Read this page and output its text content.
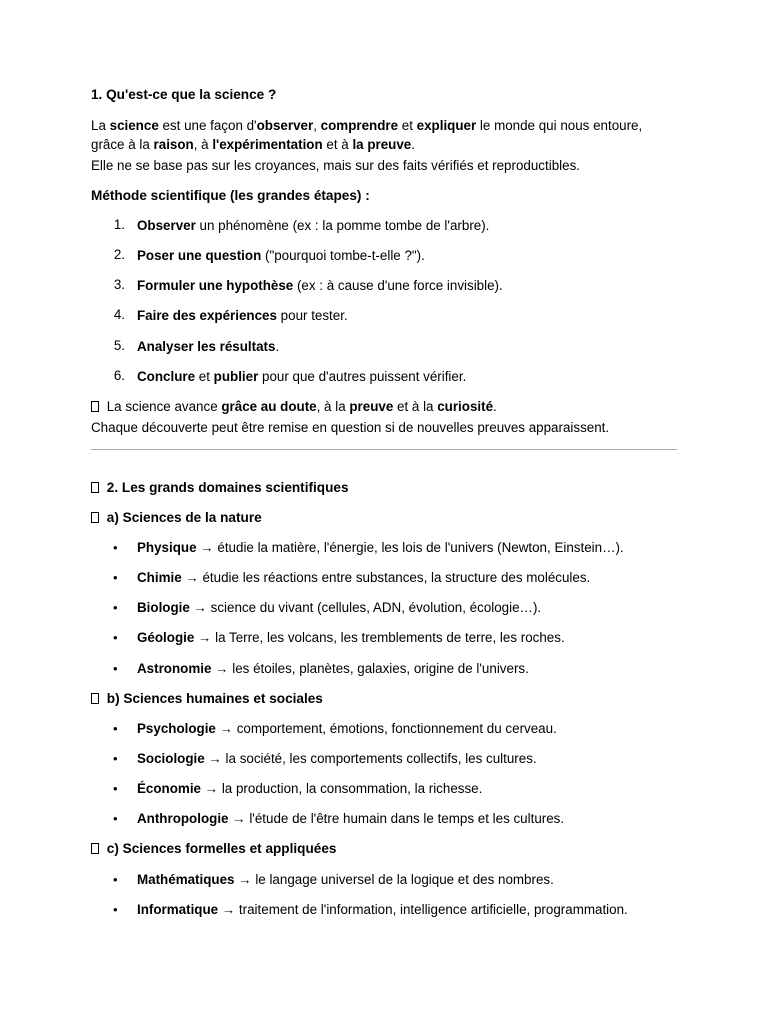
1. Qu'est-ce que la science ?
La science est une façon d'observer, comprendre et expliquer le monde qui nous entoure,
grâce à la raison, à l'expérimentation et à la preuve.
Elle ne se base pas sur les croyances, mais sur des faits vérifiés et reproductibles.
Méthode scientifique (les grandes étapes) :
1. Observer un phénomène (ex : la pomme tombe de l'arbre).
2. Poser une question ("pourquoi tombe-t-elle ?").
3. Formuler une hypothèse (ex : à cause d'une force invisible).
4. Faire des expériences pour tester.
5. Analyser les résultats.
6. Conclure et publier pour que d'autres puissent vérifier.
La science avance grâce au doute, à la preuve et à la curiosité.
Chaque découverte peut être remise en question si de nouvelles preuves apparaissent.
2. Les grands domaines scientifiques
a) Sciences de la nature
• Physique → étudie la matière, l'énergie, les lois de l'univers (Newton, Einstein…).
• Chimie → étudie les réactions entre substances, la structure des molécules.
• Biologie → science du vivant (cellules, ADN, évolution, écologie…).
• Géologie → la Terre, les volcans, les tremblements de terre, les roches.
• Astronomie → les étoiles, planètes, galaxies, origine de l'univers.
b) Sciences humaines et sociales
• Psychologie → comportement, émotions, fonctionnement du cerveau.
• Sociologie → la société, les comportements collectifs, les cultures.
• Économie → la production, la consommation, la richesse.
• Anthropologie → l'étude de l'être humain dans le temps et les cultures.
c) Sciences formelles et appliquées
• Mathématiques → le langage universel de la logique et des nombres.
• Informatique → traitement de l'information, intelligence artificielle, programmation.
